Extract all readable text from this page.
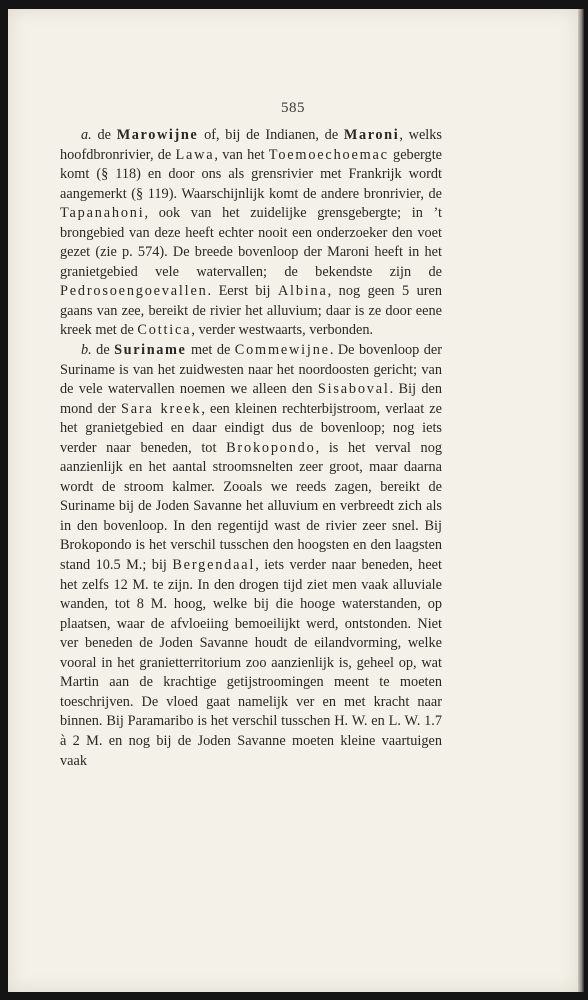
585

a. de Marowijne of, bij de Indianen, de Maroni, welks hoofdbronrivier, de Lawa, van het Toemoechoemac gebergte komt (§ 118) en door ons als grensrivier met Frankrijk wordt aangemerkt (§ 119). Waarschijnlijk komt de andere bronrivier, de Tapanahoni, ook van het zuidelijke grensgebergte; in ’t brongebied van deze heeft echter nooit een onderzoeker den voet gezet (zie p. 574). De breede bovenloop der Maroni heeft in het granietgebied vele watervallen; de bekendste zijn de Pedrosoengoevallen. Eerst bij Albina, nog geen 5 uren gaans van zee, bereikt de rivier het alluvium; daar is ze door eene kreek met de Cottica, verder westwaarts, verbonden.

b. de Suriname met de Commewijne. De bovenloop der Suriname is van het zuidwesten naar het noordoosten gericht; van de vele watervallen noemen we alleen den Sisaboval. Bij den mond der Sara kreek, een kleinen rechterbijstroom, verlaat ze het granietgebied en daar eindigt dus de bovenloop; nog iets verder naar beneden, tot Brokopondo, is het verval nog aanzienlijk en het aantal stroomsnelten zeer groot, maar daarna wordt de stroom kalmer. Zooals we reeds zagen, bereikt de Suriname bij de Joden Savanne het alluvium en verbreedt zich als in den bovenloop. In den regentijd wast de rivier zeer snel. Bij Brokopondo is het verschil tusschen den hoogsten en den laagsten stand 10.5 M.; bij Bergendaal, iets verder naar beneden, heet het zelfs 12 M. te zijn. In den drogen tijd ziet men vaak alluviale wanden, tot 8 M. hoog, welke bij die hooge waterstanden, op plaatsen, waar de afvloeiing bemoeilijkt werd, ontstonden. Niet ver beneden de Joden Savanne houdt de eilandvorming, welke vooral in het granietterritorium zoo aanzienlijk is, geheel op, wat Martin aan de krachtige getijstroomingen meent te moeten toeschrijven. De vloed gaat namelijk ver en met kracht naar binnen. Bij Paramaribo is het verschil tusschen H. W. en L. W. 1.7 à 2 M. en nog bij de Joden Savanne moeten kleine vaartuigen vaak
